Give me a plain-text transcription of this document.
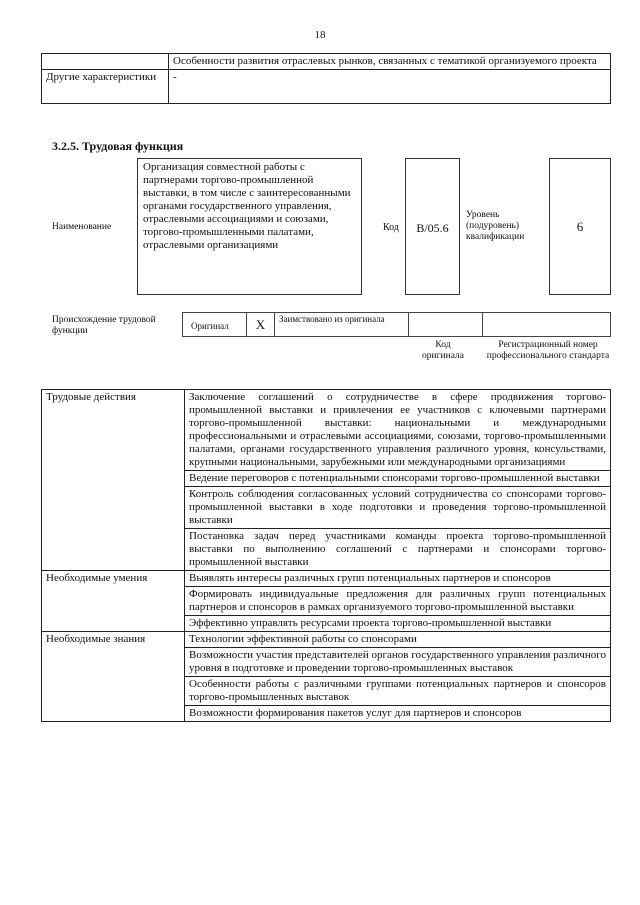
18
	Особенности развития отраслевых рынков, связанных с тематикой организуемого проекта
Другие характеристики	-
3.2.5. Трудовая функция
Наименование
Организация совместной работы с партнерами торгово-промышленной выставки, в том числе с заинтересованными органами государственного управления, отраслевыми ассоциациями и союзами, торгово-промышленными палатами, отраслевыми организациями
Код	B/05.6
Уровень (подуровень) квалификации
6
Происхождение трудовой функции	Оригинал	X	Заимствовано из оригинала
Код оригинала
Регистрационный номер профессионального стандарта
Трудовые действия	Заключение соглашений о сотрудничестве в сфере продвижения торгово-промышленной выставки и привлечения ее участников с ключевыми партнерами торгово-промышленной выставки: национальными и международными профессиональными и отраслевыми ассоциациями, союзами, торгово-промышленными палатами, органами государственного управления различного уровня, консульствами, крупными национальными, зарубежными или международными организациями
	Ведение переговоров с потенциальными спонсорами торгово-промышленной выставки
	Контроль соблюдения согласованных условий сотрудничества со спонсорами торгово-промышленной выставки в ходе подготовки и проведения торгово-промышленной выставки
	Постановка задач перед участниками команды проекта торгово-промышленной выставки по выполнению соглашений с партнерами и спонсорами торгово-промышленной выставки
Необходимые умения	Выявлять интересы различных групп потенциальных партнеров и спонсоров
	Формировать индивидуальные предложения для различных групп потенциальных партнеров и спонсоров в рамках организуемого торгово-промышленной выставки
	Эффективно управлять ресурсами проекта торгово-промышленной выставки
Необходимые знания	Технологии эффективной работы со спонсорами
	Возможности участия представителей органов государственного управления различного уровня в подготовке и проведении торгово-промышленных выставок
	Особенности работы с различными группами потенциальных партнеров и спонсоров торгово-промышленных выставок
	Возможности формирования пакетов услуг для партнеров и спонсоров
